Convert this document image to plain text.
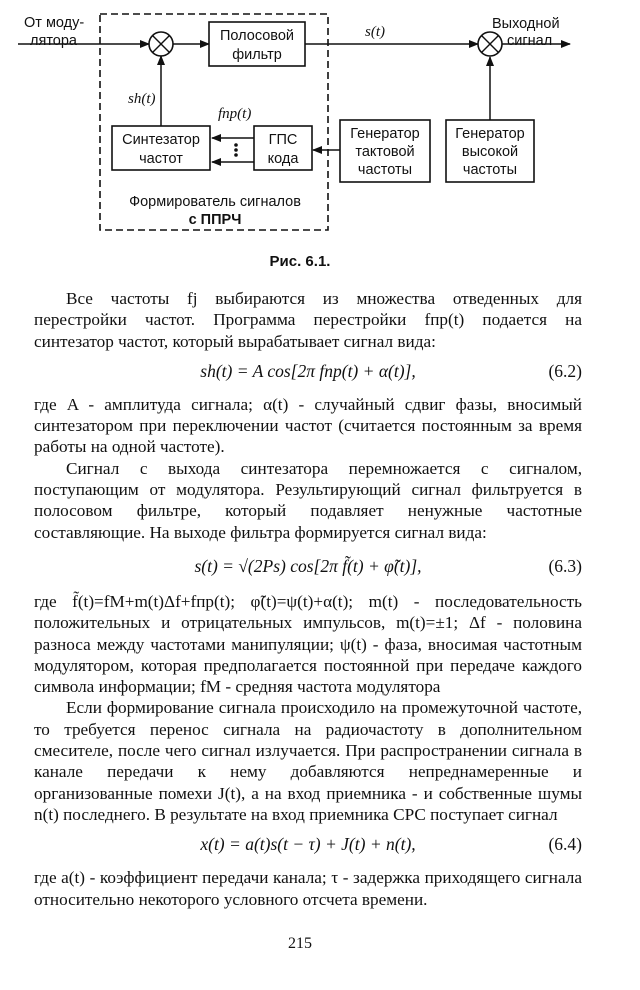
От моду-
лятора	Полосовой
фильтр
s(t)	Выходной
сигнал
sh(t)
Синтезатор
частот
fпр(t)
ГПС
кода
Генератор
тактовой
частоты
Генератор
высокой
частоты
Формирователь сигналов
с ППРЧ
Рис. 6.1.

Все частоты fj выбираются из множества отведенных для перестройки частот. Программа перестройки fпр(t) подается на синтезатор частот, который вырабатывает сигнал вида:

sh(t) = A cos[2π fпр(t) + α(t)],	(6.2)

где A - амплитуда сигнала; α(t) - случайный сдвиг фазы, вносимый синтезатором при переключении частот (считается постоянным за время работы на одной частоте).

Сигнал с выхода синтезатора перемножается с сигналом, поступающим от модулятора. Результирующий сигнал фильтруется в полосовом фильтре, который подавляет ненужные частотные составляющие. На выходе фильтра формируется сигнал вида:

s(t) = √(2Ps) cos[2π f̃(t) + φ̃(t)],	(6.3)

где f̃(t)=fM+m(t)Δf+fпр(t); φ̃(t)=ψ(t)+α(t); m(t) - последовательность положительных и отрицательных импульсов, m(t)=±1; Δf - половина разноса между частотами манипуляции; ψ(t) - фаза, вносимая частотным модулятором, которая предполагается постоянной при передаче каждого символа информации; fM - средняя частота модулятора

Если формирование сигнала происходило на промежуточной частоте, то требуется перенос сигнала на радиочастоту в дополнительном смесителе, после чего сигнал излучается. При распространении сигнала в канале передачи к нему добавляются непреднамеренные и организованные помехи J(t), а на вход приемника - и собственные шумы n(t) последнего. В результате на вход приемника СРС поступает сигнал

x(t) = a(t)s(t − τ) + J(t) + n(t),	(6.4)

где a(t) - коэффициент передачи канала; τ - задержка приходящего сигнала относительно некоторого условного отсчета времени.

215
